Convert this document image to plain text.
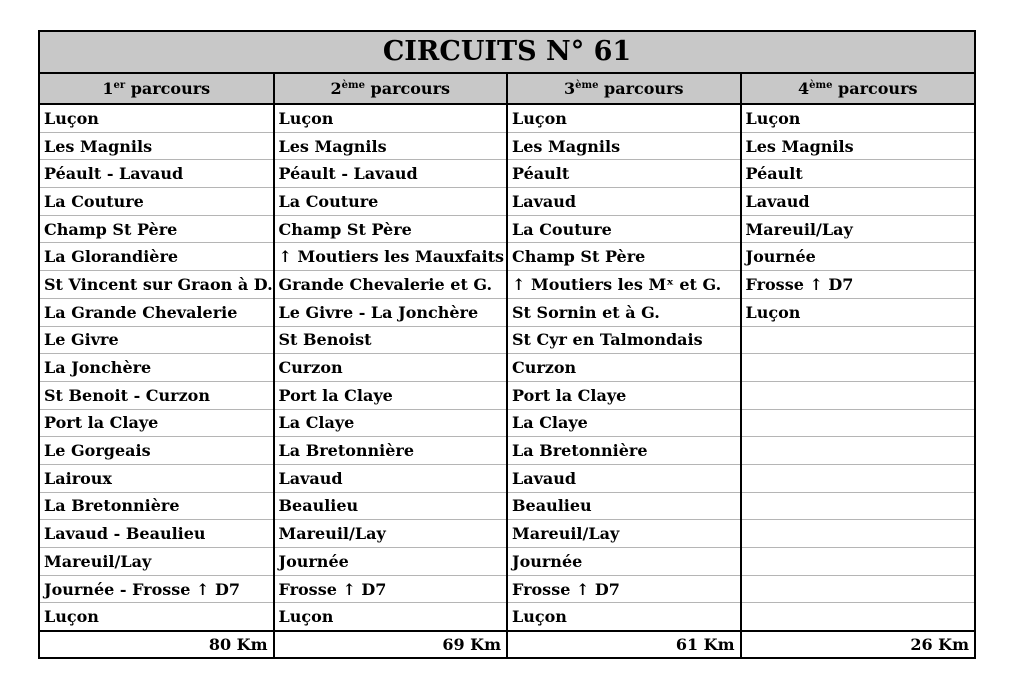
CIRCUITS N° 61
1er parcours	2ème parcours	3ème parcours	4ème parcours
Luçon	Luçon	Luçon	Luçon
Les Magnils	Les Magnils	Les Magnils	Les Magnils
Péault - Lavaud	Péault - Lavaud	Péault	Péault
La Couture	La Couture	Lavaud	Lavaud
Champ St Père	Champ St Père	La Couture	Mareuil/Lay
La Glorandière	↑ Moutiers les Mauxfaits	Champ St Père	Journée
St Vincent sur Graon à D.	Grande Chevalerie et G.	↑ Moutiers les Mˣ et G.	Frosse ↑ D7
La Grande Chevalerie	Le Givre - La Jonchère	St Sornin et à G.	Luçon
Le Givre	St Benoist	St Cyr en Talmondais	
La Jonchère	Curzon	Curzon	
St Benoit - Curzon	Port la Claye	Port la Claye	
Port la Claye	La Claye	La Claye	
Le Gorgeais	La Bretonnière	La Bretonnière	
Lairoux	Lavaud	Lavaud	
La Bretonnière	Beaulieu	Beaulieu	
Lavaud - Beaulieu	Mareuil/Lay	Mareuil/Lay	
Mareuil/Lay	Journée	Journée	
Journée - Frosse ↑ D7	Frosse ↑ D7	Frosse ↑ D7	
Luçon	Luçon	Luçon	
80 Km	69 Km	61 Km	26 Km
